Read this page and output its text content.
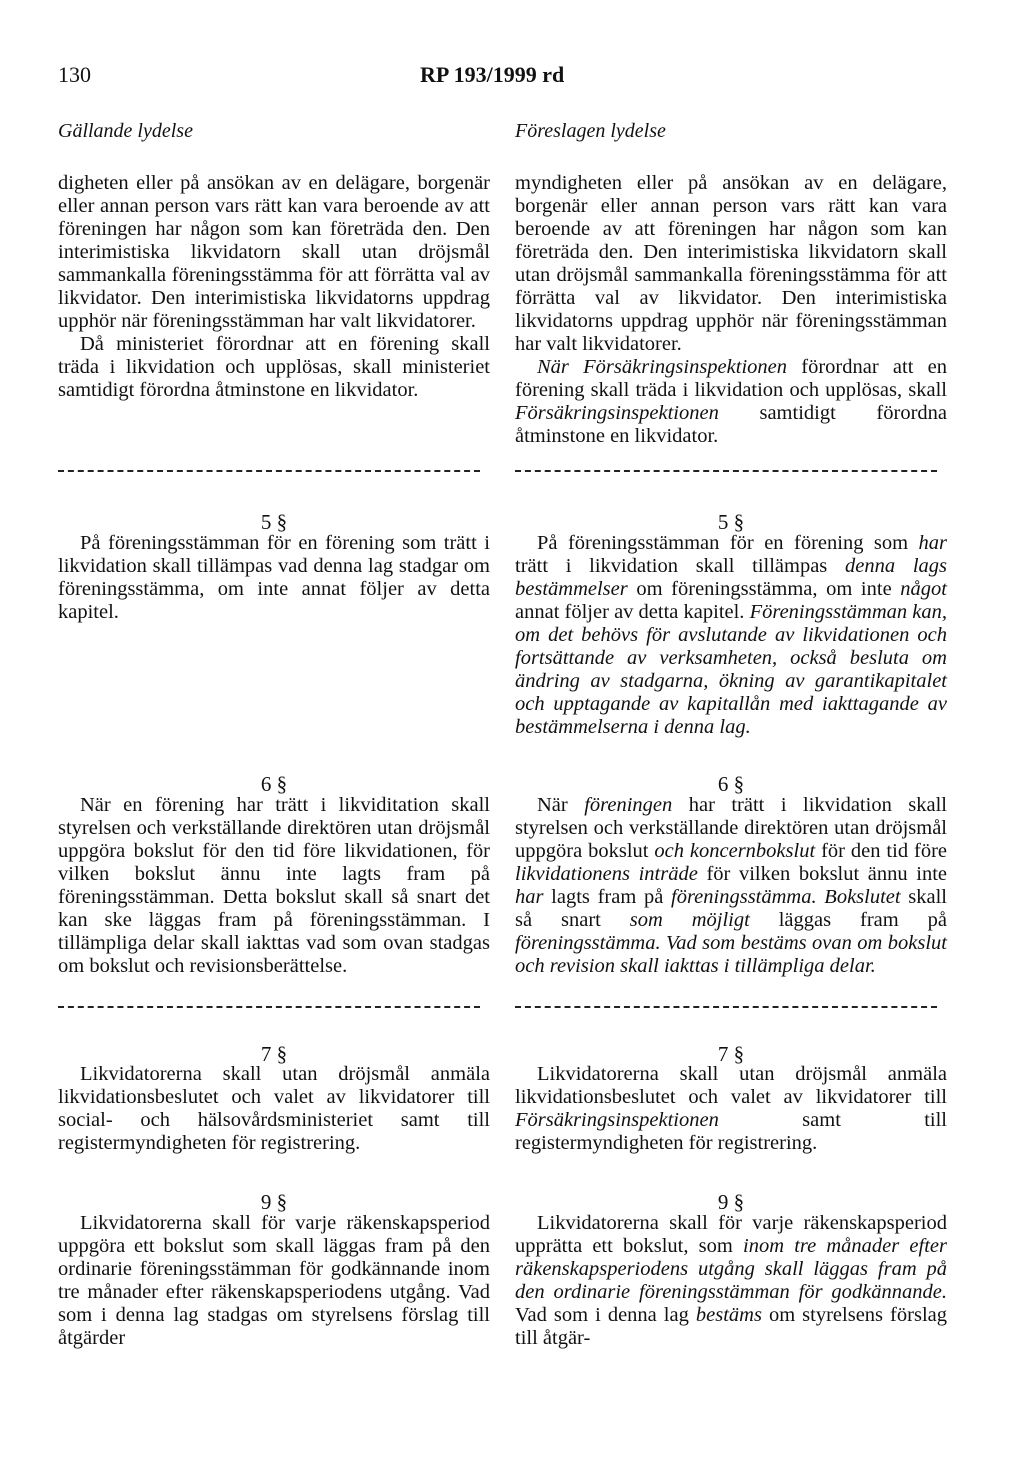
130	RP 193/1999 rd
Gällande lydelse	Föreslagen lydelse

digheten eller på ansökan av en delägare, borgenär eller annan person vars rätt kan vara beroende av att föreningen har någon som kan företräda den. Den interimistiska likvidatorn skall utan dröjsmål sammankalla föreningsstämma för att förrätta val av likvidator. Den interimistiska likvidatorns uppdrag upphör när föreningsstämman har valt likvidatorer.

Då ministeriet förordnar att en förening skall träda i likvidation och upplösas, skall ministeriet samtidigt förordna åtminstone en likvidator.

5 §
På föreningsstämman för en förening som trätt i likvidation skall tillämpas vad denna lag stadgar om föreningsstämma, om inte annat följer av detta kapitel.
6 §
När en förening har trätt i likviditation skall styrelsen och verkställande direktören utan dröjsmål uppgöra bokslut för den tid före likvidationen, för vilken bokslut ännu inte lagts fram på föreningsstämman. Detta bokslut skall så snart det kan ske läggas fram på föreningsstämman. I tillämpliga delar skall iakttas vad som ovan stadgas om bokslut och revisionsberättelse.
7 §
Likvidatorerna skall utan dröjsmål anmäla likvidationsbeslutet och valet av likvidatorer till social- och hälsovårdsministeriet samt till registermyndigheten för registrering.
9 §
Likvidatorerna skall för varje räkenskapsperiod uppgöra ett bokslut som skall läggas fram på den ordinarie föreningsstämman för godkännande inom tre månader efter räkenskapsperiodens utgång. Vad som i denna lag stadgas om styrelsens förslag till åtgärder

myndigheten eller på ansökan av en delägare, borgenär eller annan person vars rätt kan vara beroende av att föreningen har någon som kan företräda den. Den interimistiska likvidatorn skall utan dröjsmål sammankalla föreningsstämma för att förrätta val av likvidator. Den interimistiska likvidatorns uppdrag upphör när föreningsstämman har valt likvidatorer.

När Försäkringsinspektionen förordnar att en förening skall träda i likvidation och upplösas, skall Försäkringsinspektionen samtidigt förordna åtminstone en likvidator.

5 §
På föreningsstämman för en förening som har trätt i likvidation skall tillämpas denna lags bestämmelser om föreningsstämma, om inte något annat följer av detta kapitel. Föreningsstämman kan, om det behövs för avslutande av likvidationen och fortsättande av verksamheten, också besluta om ändring av stadgarna, ökning av garantikapitalet och upptagande av kapitallån med iakttagande av bestämmelserna i denna lag.
6 §
När föreningen har trätt i likvidation skall styrelsen och verkställande direktören utan dröjsmål uppgöra bokslut och koncernbokslut för den tid före likvidationens inträde för vilken bokslut ännu inte har lagts fram på föreningsstämma. Bokslutet skall så snart som möjligt läggas fram på föreningsstämma. Vad som bestäms ovan om bokslut och revision skall iakttas i tillämpliga delar.
7 §
Likvidatorerna skall utan dröjsmål anmäla likvidationsbeslutet och valet av likvidatorer till Försäkringsinspektionen samt till registermyndigheten för registrering.
9 §
Likvidatorerna skall för varje räkenskapsperiod upprätta ett bokslut, som inom tre månader efter räkenskapsperiodens utgång skall läggas fram på den ordinarie föreningsstämman för godkännande. Vad som i denna lag bestäms om styrelsens förslag till åtgär-
